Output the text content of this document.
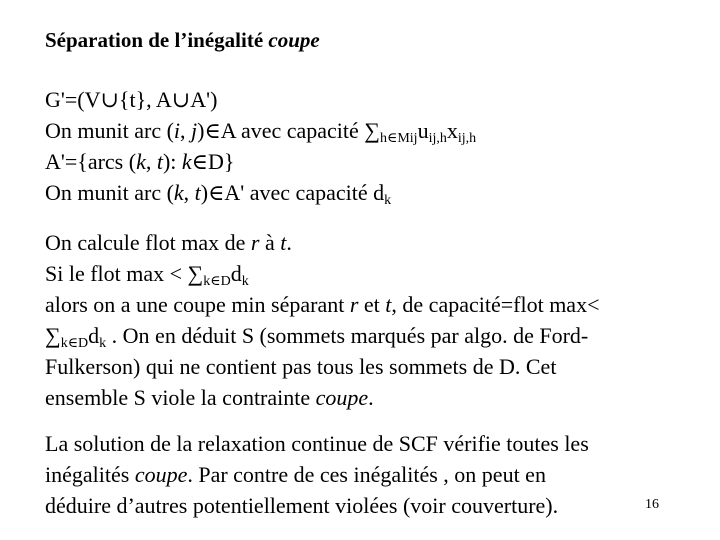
Séparation de l’inégalité coupe
G'=(V∪{t}, A∪A')
On munit arc (i, j)∈A avec capacité $\sum_{h\in Mij}u_{ij,h}x_{ij,h}$
A'={arcs (k, t): k∈D}
On munit arc (k, t)∈A' avec capacité $d_k$
On calcule flot max de r à t.
Si le flot $\max < \sum_{k\in D}d_k$
alors on a une coupe min séparant r et t, de capacité=flot max<
$\sum_{k\in D}d_k$ . On en déduit S (sommets marqués par algo. de Ford-
Fulkerson) qui ne contient pas tous les sommets de D. Cet
ensemble S viole la contrainte coupe.
La solution de la relaxation continue de SCF vérifie toutes les
inégalités coupe. Par contre de ces inégalités , on peut en
déduire d’autres potentiellement violées (voir couverture).	16
